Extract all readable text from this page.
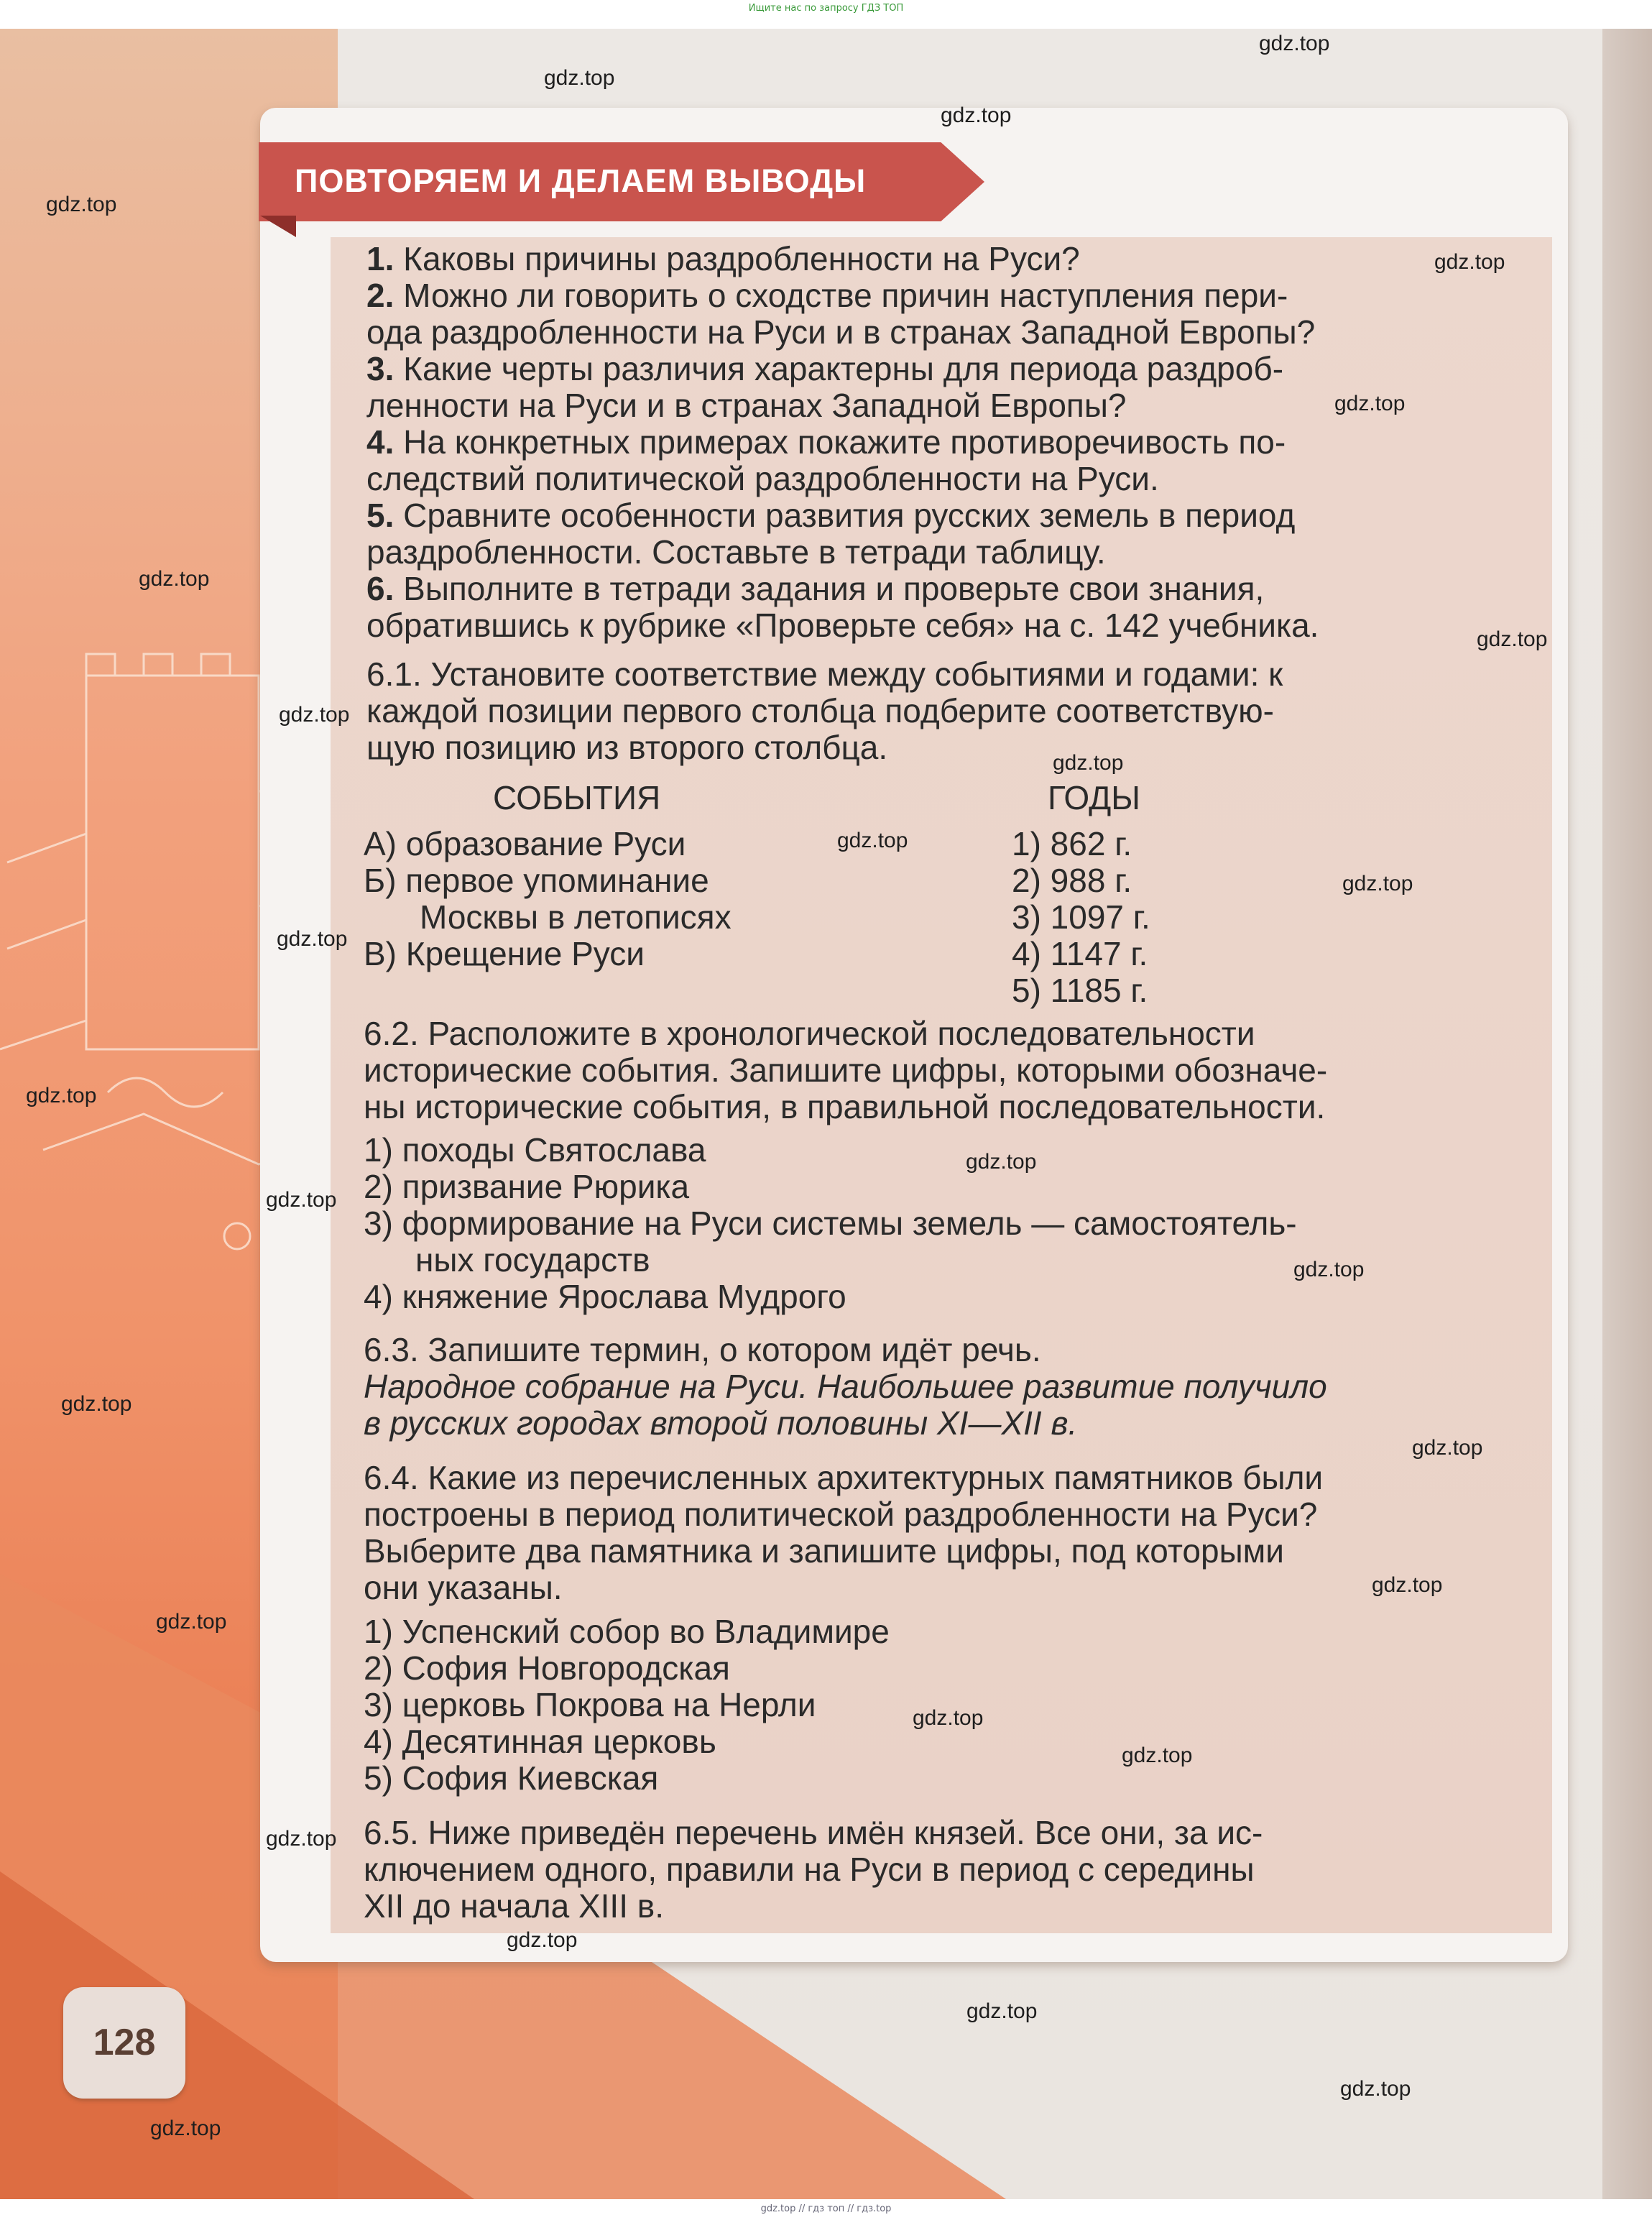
Ищите нас по запросу ГДЗ ТОП
ПОВТОРЯЕМ И ДЕЛАЕМ ВЫВОДЫ
1. Каковы причины раздробленности на Руси?
2. Можно ли говорить о сходстве причин наступления пери-
ода раздробленности на Руси и в странах Западной Европы?
3. Какие черты различия характерны для периода раздроб-
ленности на Руси и в странах Западной Европы?
4. На конкретных примерах покажите противоречивость по-
следствий политической раздробленности на Руси.
5. Сравните особенности развития русских земель в период
раздробленности. Составьте в тетради таблицу.
6. Выполните в тетради задания и проверьте свои знания,
обратившись к рубрике «Проверьте себя» на с. 142 учебника.
6.1. Установите соответствие между событиями и годами: к
каждой позиции первого столбца подберите соответствую-
щую позицию из второго столбца.
СОБЫТИЯ	ГОДЫ
А) образование Руси
Б) первое упоминание
Москвы в летописях
В) Крещение Руси
1) 862 г.
2) 988 г.
3) 1097 г.
4) 1147 г.
5) 1185 г.
6.2. Расположите в хронологической последовательности
исторические события. Запишите цифры, которыми обозначе-
ны исторические события, в правильной последовательности.
1) походы Святослава
2) призвание Рюрика
3) формирование на Руси системы земель — самостоятель-
ных государств
4) княжение Ярослава Мудрого
6.3. Запишите термин, о котором идёт речь.
Народное собрание на Руси. Наибольшее развитие получило
в русских городах второй половины XI—XII в.
6.4. Какие из перечисленных архитектурных памятников были
построены в период политической раздробленности на Руси?
Выберите два памятника и запишите цифры, под которыми
они указаны.
1) Успенский собор во Владимире
2) София Новгородская
3) церковь Покрова на Нерли
4) Десятинная церковь
5) София Киевская
6.5. Ниже приведён перечень имён князей. Все они, за ис-
ключением одного, правили на Руси в период с середины
XII до начала XIII в.
128
gdz.top
gdz.top
gdz.top
gdz.top
gdz.top
gdz.top
gdz.top
gdz.top
gdz.top
gdz.top
gdz.top
gdz.top
gdz.top
gdz.top
gdz.top
gdz.top
gdz.top
gdz.top
gdz.top
gdz.top
gdz.top
gdz.top
gdz.top
gdz.top
gdz.top
gdz.top
gdz.top
gdz.top
gdz.top // гдз топ // гдз.top
